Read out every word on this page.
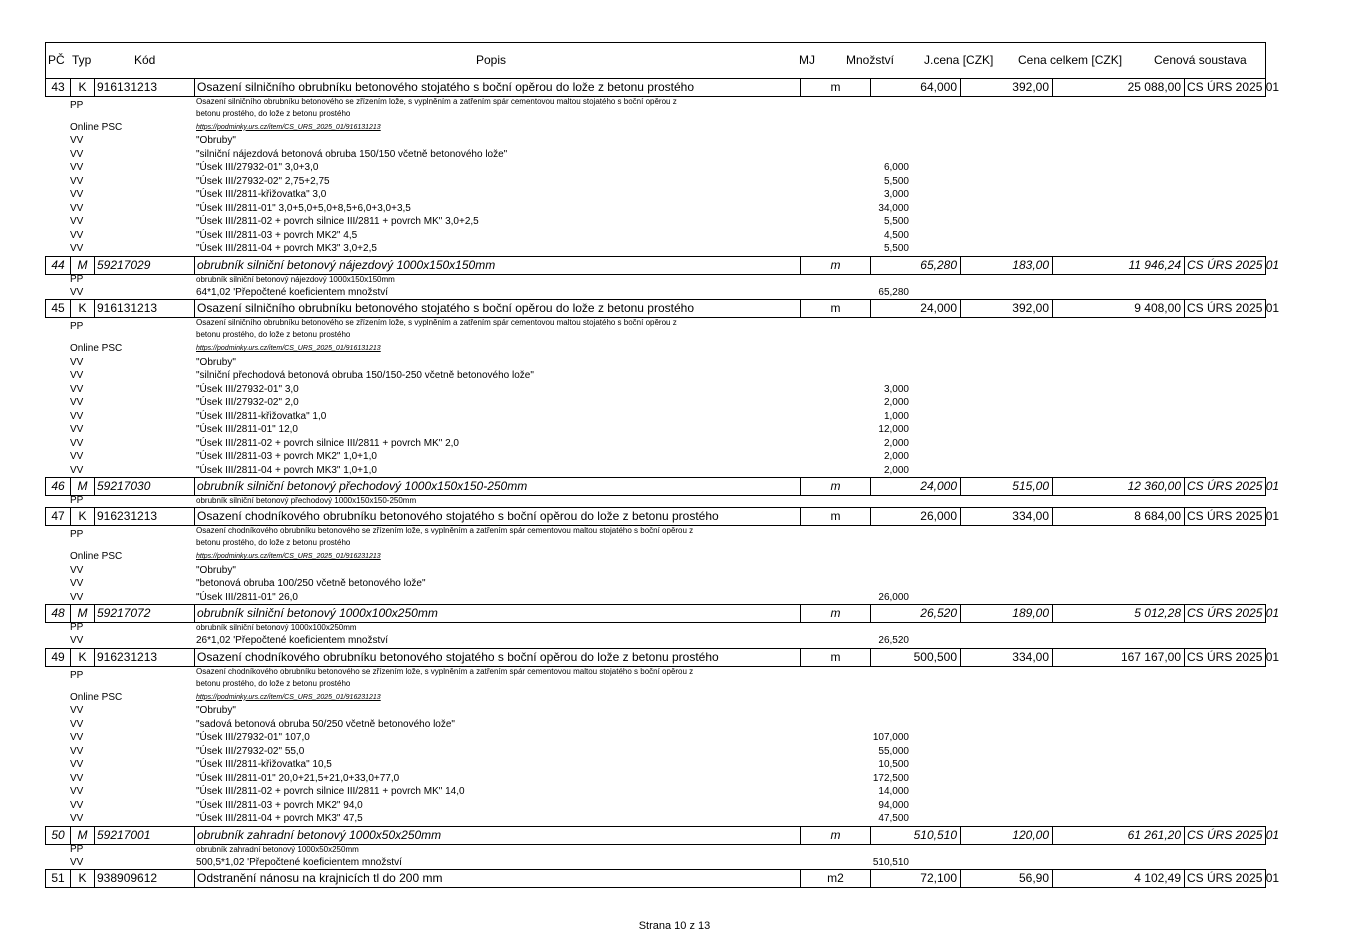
PČ Typ	Kód	Popis	MJ	Množství J.cena [CZK] Cena celkem [CZK]	Cenová soustava
43	K 916131213	Osazení silničního obrubníku betonového stojatého s boční opěrou do lože z betonu prostého	m	64,000	392,00	25 088,00 CS ÚRS 2025 01
PP	Osazení silničního obrubníku betonového se zřízením lože, s vyplněním a zatřením spár cementovou maltou stojatého s boční opěrou z
betonu prostého, do lože z betonu prostého
Online PSC	https://podminky.urs.cz/item/CS_URS_2025_01/916131213
VV	"Obruby"
VV	"silniční nájezdová betonová obruba 150/150 včetně betonového lože"
VV	"Úsek III/27932-01" 3,0+3,0	6,000
VV	"Úsek III/27932-02" 2,75+2,75	5,500
VV	"Úsek III/2811-křižovatka" 3,0	3,000
VV	"Úsek III/2811-01" 3,0+5,0+5,0+8,5+6,0+3,0+3,5	34,000
VV	"Úsek III/2811-02 + povrch silnice III/2811 + povrch MK" 3,0+2,5	5,500
VV	"Úsek III/2811-03 + povrch MK2" 4,5	4,500
VV	"Úsek III/2811-04 + povrch MK3" 3,0+2,5	5,500
44	M 59217029	obrubník silniční betonový nájezdový 1000x150x150mm	m	65,280	183,00	11 946,24 CS ÚRS 2025 01
PP	obrubník silniční betonový nájezdový 1000x150x150mm
VV	64*1,02 'Přepočtené koeficientem množství	65,280
45	K 916131213	Osazení silničního obrubníku betonového stojatého s boční opěrou do lože z betonu prostého	m	24,000	392,00	9 408,00 CS ÚRS 2025 01
PP	Osazení silničního obrubníku betonového se zřízením lože, s vyplněním a zatřením spár cementovou maltou stojatého s boční opěrou z
betonu prostého, do lože z betonu prostého
Online PSC	https://podminky.urs.cz/item/CS_URS_2025_01/916131213
VV	"Obruby"
VV	"silniční přechodová betonová obruba 150/150-250 včetně betonového lože"
VV	"Úsek III/27932-01" 3,0	3,000
VV	"Úsek III/27932-02" 2,0	2,000
VV	"Úsek III/2811-křižovatka" 1,0	1,000
VV	"Úsek III/2811-01" 12,0	12,000
VV	"Úsek III/2811-02 + povrch silnice III/2811 + povrch MK" 2,0	2,000
VV	"Úsek III/2811-03 + povrch MK2" 1,0+1,0	2,000
VV	"Úsek III/2811-04 + povrch MK3" 1,0+1,0	2,000
46	M 59217030	obrubník silniční betonový přechodový 1000x150x150-250mm	m	24,000	515,00	12 360,00 CS ÚRS 2025 01
PP	obrubník silniční betonový přechodový 1000x150x150-250mm
47	K 916231213	Osazení chodníkového obrubníku betonového stojatého s boční opěrou do lože z betonu prostého	m	26,000	334,00	8 684,00 CS ÚRS 2025 01
PP	Osazení chodníkového obrubníku betonového se zřízením lože, s vyplněním a zatřením spár cementovou maltou stojatého s boční opěrou z
betonu prostého, do lože z betonu prostého
Online PSC	https://podminky.urs.cz/item/CS_URS_2025_01/916231213
VV	"Obruby"
VV	"betonová obruba 100/250 včetně betonového lože"
VV	"Úsek III/2811-01" 26,0	26,000
48	M 59217072	obrubník silniční betonový 1000x100x250mm	m	26,520	189,00	5 012,28 CS ÚRS 2025 01
PP	obrubník silniční betonový 1000x100x250mm
VV	26*1,02 'Přepočtené koeficientem množství	26,520
49	K 916231213	Osazení chodníkového obrubníku betonového stojatého s boční opěrou do lože z betonu prostého	m	500,500	334,00	167 167,00 CS ÚRS 2025 01
PP	Osazení chodníkového obrubníku betonového se zřízením lože, s vyplněním a zatřením spár cementovou maltou stojatého s boční opěrou z
betonu prostého, do lože z betonu prostého
Online PSC	https://podminky.urs.cz/item/CS_URS_2025_01/916231213
VV	"Obruby"
VV	"sadová betonová obruba 50/250 včetně betonového lože"
VV	"Úsek III/27932-01" 107,0	107,000
VV	"Úsek III/27932-02" 55,0	55,000
VV	"Úsek III/2811-křižovatka" 10,5	10,500
VV	"Úsek III/2811-01" 20,0+21,5+21,0+33,0+77,0	172,500
VV	"Úsek III/2811-02 + povrch silnice III/2811 + povrch MK" 14,0	14,000
VV	"Úsek III/2811-03 + povrch MK2" 94,0	94,000
VV	"Úsek III/2811-04 + povrch MK3" 47,5	47,500
50	M 59217001	obrubník zahradní betonový 1000x50x250mm	m	510,510	120,00	61 261,20 CS ÚRS 2025 01
PP	obrubník zahradní betonový 1000x50x250mm
VV	500,5*1,02 'Přepočtené koeficientem množství	510,510
51	K 938909612	Odstranění nánosu na krajnicích tl do 200 mm	m2	72,100	56,90	4 102,49 CS ÚRS 2025 01
Strana 10 z 13
